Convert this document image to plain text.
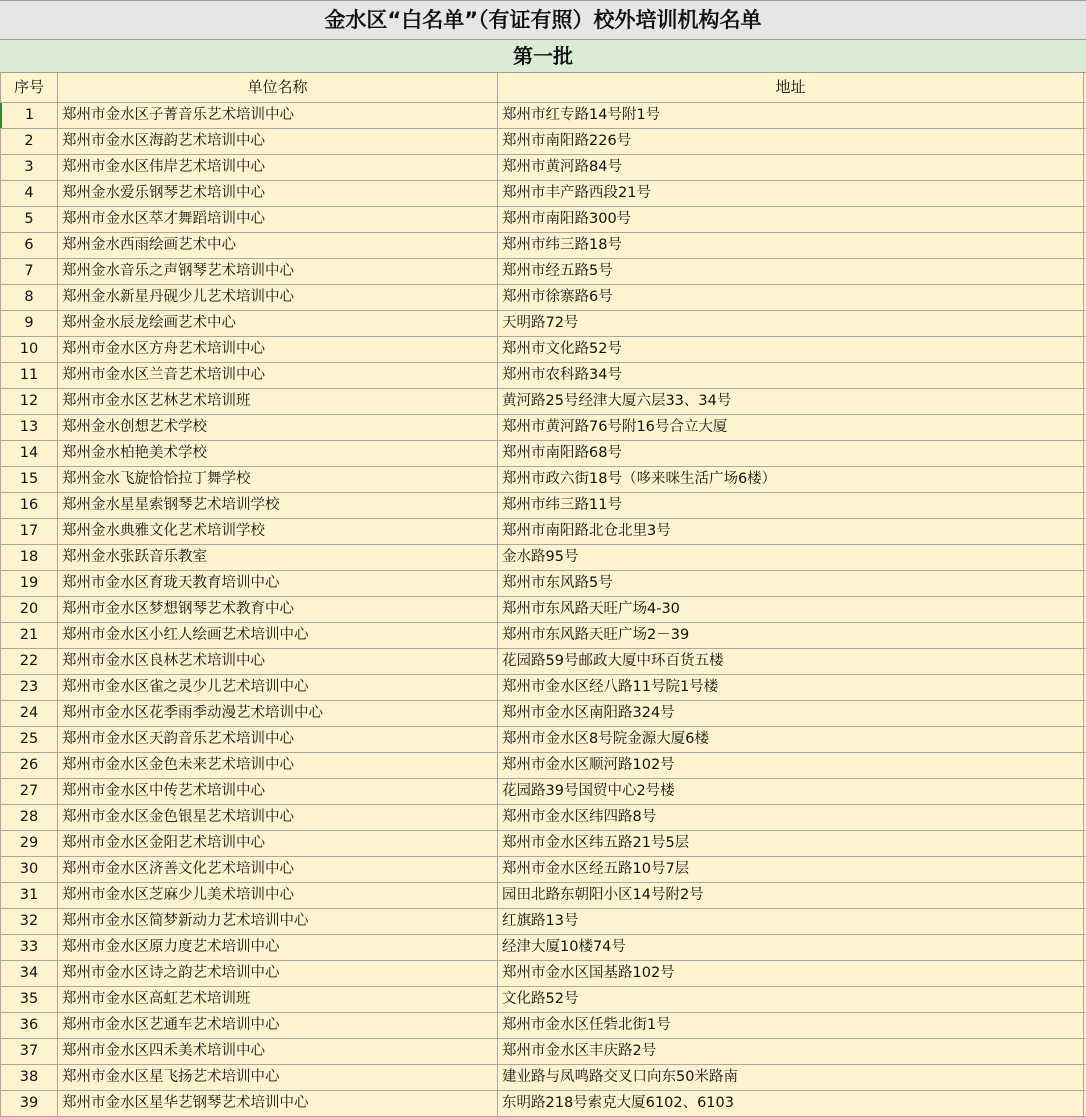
金水区“白名单”（有证有照）校外培训机构名单
第一批
序号	单位名称	地址
1	郑州市金水区子菁音乐艺术培训中心	郑州市红专路14号附1号
2	郑州市金水区海韵艺术培训中心	郑州市南阳路226号
3	郑州市金水区伟岸艺术培训中心	郑州市黄河路84号
4	郑州金水爱乐钢琴艺术培训中心	郑州市丰产路西段21号
5	郑州市金水区萃才舞蹈培训中心	郑州市南阳路300号
6	郑州金水西雨绘画艺术中心	郑州市纬三路18号
7	郑州金水音乐之声钢琴艺术培训中心	郑州市经五路5号
8	郑州金水新星丹砚少儿艺术培训中心	郑州市徐寨路6号
9	郑州金水辰龙绘画艺术中心	天明路72号
10	郑州市金水区方舟艺术培训中心	郑州市文化路52号
11	郑州市金水区兰音艺术培训中心	郑州市农科路34号
12	郑州市金水区艺林艺术培训班	黄河路25号经津大厦六层33、34号
13	郑州金水创想艺术学校	郑州市黄河路76号附16号合立大厦
14	郑州金水柏艳美术学校	郑州市南阳路68号
15	郑州金水飞旋恰恰拉丁舞学校	郑州市政六街18号（哆来咪生活广场6楼）
16	郑州金水星星索钢琴艺术培训学校	郑州市纬三路11号
17	郑州金水典雅文化艺术培训学校	郑州市南阳路北仓北里3号
18	郑州金水张跃音乐教室	金水路95号
19	郑州市金水区育珑天教育培训中心	郑州市东风路5号
20	郑州市金水区梦想钢琴艺术教育中心	郑州市东风路天旺广场4-30
21	郑州市金水区小红人绘画艺术培训中心	郑州市东风路天旺广场2－39
22	郑州市金水区良林艺术培训中心	花园路59号邮政大厦中环百货五楼
23	郑州市金水区雀之灵少儿艺术培训中心	郑州市金水区经八路11号院1号楼
24	郑州市金水区花季雨季动漫艺术培训中心	郑州市金水区南阳路324号
25	郑州市金水区天韵音乐艺术培训中心	郑州市金水区8号院金源大厦6楼
26	郑州市金水区金色未来艺术培训中心	郑州市金水区顺河路102号
27	郑州市金水区中传艺术培训中心	花园路39号国贸中心2号楼
28	郑州市金水区金色银星艺术培训中心	郑州市金水区纬四路8号
29	郑州市金水区金阳艺术培训中心	郑州市金水区纬五路21号5层
30	郑州市金水区济善文化艺术培训中心	郑州市金水区经五路10号7层
31	郑州市金水区芝麻少儿美术培训中心	园田北路东朝阳小区14号附2号
32	郑州市金水区简梦新动力艺术培训中心	红旗路13号
33	郑州市金水区原力度艺术培训中心	经津大厦10楼74号
34	郑州市金水区诗之韵艺术培训中心	郑州市金水区国基路102号
35	郑州市金水区高虹艺术培训班	文化路52号
36	郑州市金水区艺通车艺术培训中心	郑州市金水区任砦北街1号
37	郑州市金水区四禾美术培训中心	郑州市金水区丰庆路2号
38	郑州市金水区星飞扬艺术培训中心	建业路与凤鸣路交叉口向东50米路南
39	郑州市金水区星华艺钢琴艺术培训中心	东明路218号索克大厦6102、6103
